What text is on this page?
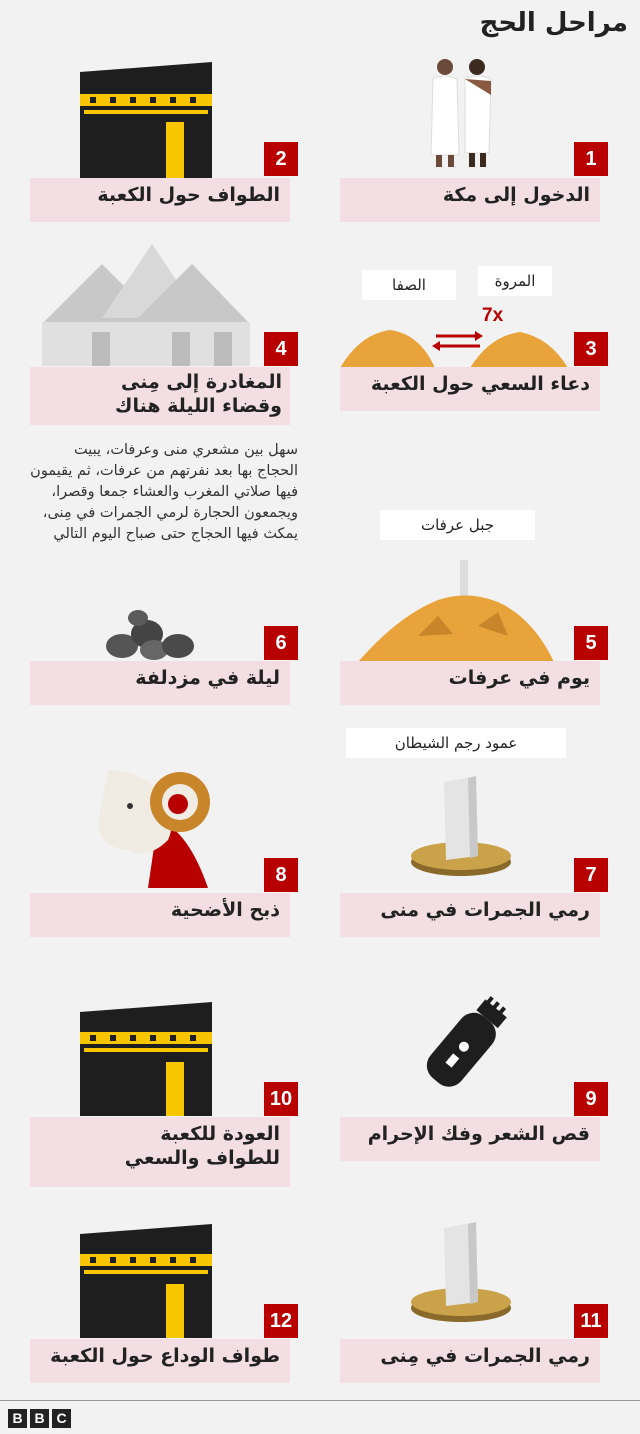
مراحل الحج
1
الدخول إلى مكة
2
الطواف حول الكعبة
المروة
الصفا
7x
3
دعاء السعي حول الكعبة
4
المغادرة إلى مِنى وقضاء الليلة هناك
سهل بين مشعري منى وعرفات، يبيت الحجاج بها بعد نفرتهم من عرفات، ثم يقيمون فيها صلاتي المغرب والعشاء جمعا وقصرا، ويجمعون الحجارة لرمي الجمرات في مِنى، يمكث فيها الحجاج حتى صباح اليوم التالي	جبل عرفات
5
يوم في عرفات
6
ليلة في مزدلفة
عمود رجم الشيطان
7
رمي الجمرات في منى
8
ذبح الأضحية
9
قص الشعر وفك الإحرام
10
العودة للكعبة للطواف والسعي
11
رمي الجمرات في مِنى
12
طواف الوداع حول الكعبة
B B C
